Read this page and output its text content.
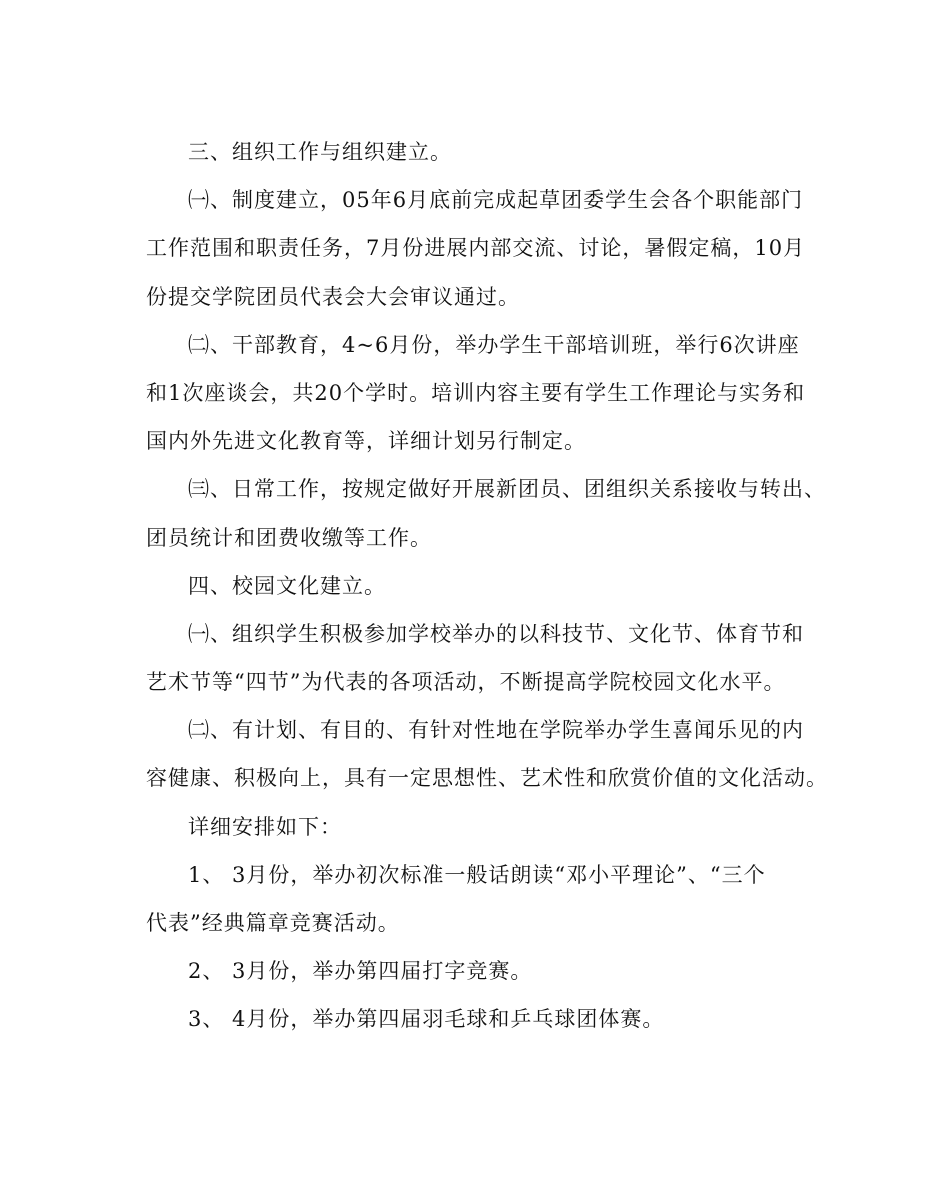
三、组织工作与组织建立。
㈠、制度建立，05年6月底前完成起草团委学生会各个职能部门
工作范围和职责任务，7月份进展内部交流、讨论，暑假定稿，10月
份提交学院团员代表会大会审议通过。
㈡、干部教育，4~6月份，举办学生干部培训班，举行6次讲座
和1次座谈会，共20个学时。培训内容主要有学生工作理论与实务和
国内外先进文化教育等，详细计划另行制定。
㈢、日常工作，按规定做好开展新团员、团组织关系接收与转出、
团员统计和团费收缴等工作。
四、校园文化建立。
㈠、组织学生积极参加学校举办的以科技节、文化节、体育节和
艺术节等“四节”为代表的各项活动，不断提高学院校园文化水平。
㈡、有计划、有目的、有针对性地在学院举办学生喜闻乐见的内
容健康、积极向上，具有一定思想性、艺术性和欣赏价值的文化活动。
详细安排如下：
1、 3月份，举办初次标准一般话朗读“邓小平理论”、“三个
代表”经典篇章竞赛活动。
2、 3月份，举办第四届打字竞赛。
3、 4月份，举办第四届羽毛球和乒乓球团体赛。
